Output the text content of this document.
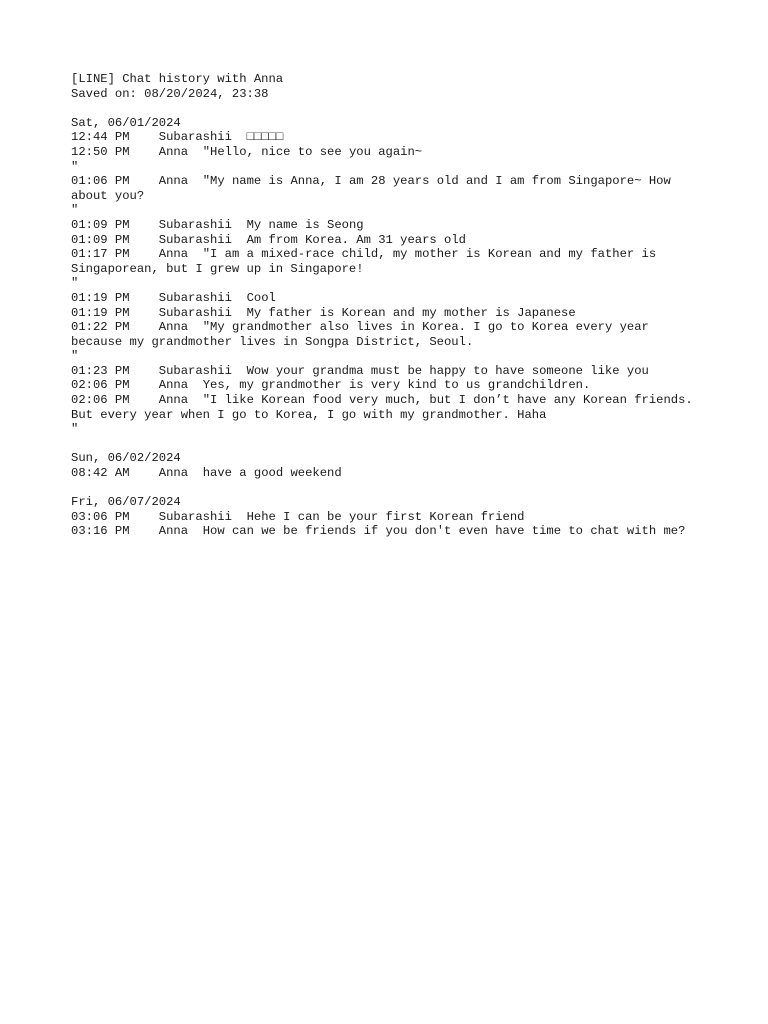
[LINE] Chat history with Anna
Saved on: 08/20/2024, 23:38
Sat, 06/01/2024
12:44 PM Subarashii □□□□□
12:50 PM Anna "Hello, nice to see you again~
"
01:06 PM Anna "My name is Anna, I am 28 years old and I am from Singapore~ How about you?
"
01:09 PM Subarashii My name is Seong
01:09 PM Subarashii Am from Korea. Am 31 years old
01:17 PM Anna "I am a mixed-race child, my mother is Korean and my father is Singaporean, but I grew up in Singapore!
"
01:19 PM Subarashii Cool
01:19 PM Subarashii My father is Korean and my mother is Japanese
01:22 PM Anna "My grandmother also lives in Korea. I go to Korea every year because my grandmother lives in Songpa District, Seoul.
"
01:23 PM Subarashii Wow your grandma must be happy to have someone like you
02:06 PM Anna Yes, my grandmother is very kind to us grandchildren.
02:06 PM Anna "I like Korean food very much, but I don’t have any Korean friends. But every year when I go to Korea, I go with my grandmother. Haha
"
Sun, 06/02/2024
08:42 AM Anna have a good weekend
Fri, 06/07/2024
03:06 PM Subarashii Hehe I can be your first Korean friend
03:16 PM Anna How can we be friends if you don't even have time to chat with me?
